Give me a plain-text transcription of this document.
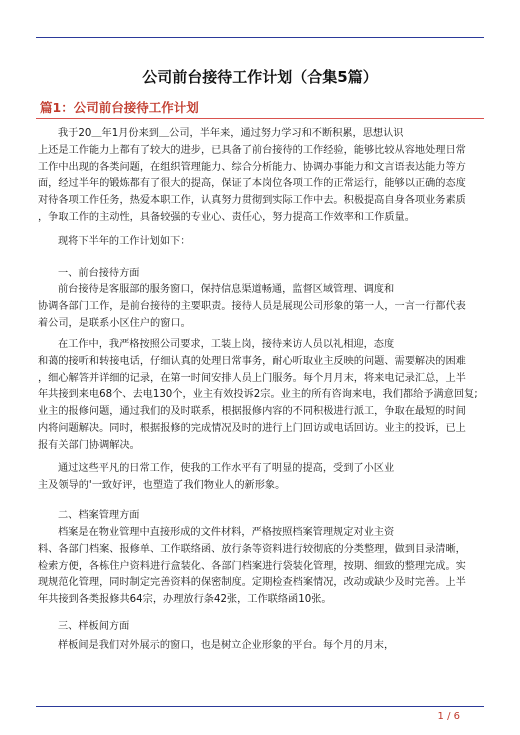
公司前台接待工作计划（合集5篇）
篇1：公司前台接待工作计划
我于20＿年1月份来到＿公司，半年来，通过努力学习和不断积累，思想认识
上还是工作能力上都有了较大的进步，已具备了前台接待的工作经验，能够比较从容地处理日常
工作中出现的各类问题，在组织管理能力、综合分析能力、协调办事能力和文言语表达能力等方
面，经过半年的锻炼都有了很大的提高，保证了本岗位各项工作的正常运行，能够以正确的态度
对待各项工作任务，热爱本职工作，认真努力贯彻到实际工作中去。积极提高自身各项业务素质
，争取工作的主动性，具备较强的专业心、责任心，努力提高工作效率和工作质量。
现将下半年的工作计划如下：
一、前台接待方面
前台接待是客服部的服务窗口，保持信息渠道畅通，监督区域管理、调度和
协调各部门工作，是前台接待的主要职责。接待人员是展现公司形象的第一人，一言一行都代表
着公司，是联系小区住户的窗口。
在工作中，我严格按照公司要求，工装上岗，接待来访人员以礼相迎，态度
和蔼的接听和转接电话，仔细认真的处理日常事务，耐心听取业主反映的问题、需要解决的困难
，细心解答并详细的记录，在第一时间安排人员上门服务。每个月月末，将来电记录汇总，上半
年共接到来电68个、去电130个，业主有效投诉2宗。业主的所有咨询来电，我们都给予满意回复;
业主的报修问题，通过我们的及时联系，根据报修内容的不同积极进行派工，争取在最短的时间
内将问题解决。同时，根据报修的完成情况及时的进行上门回访或电话回访。业主的投诉，已上
报有关部门协调解决。
通过这些平凡的日常工作，使我的工作水平有了明显的提高，受到了小区业
主及领导的'一致好评，也塑造了我们物业人的新形象。
二、档案管理方面
档案是在物业管理中直接形成的文件材料，严格按照档案管理规定对业主资
料、各部门档案、报修单、工作联络函、放行条等资料进行较彻底的分类整理，做到目录清晰，
检索方便，各栋住户资料进行盒装化、各部门档案进行袋装化管理，按期、细致的整理完成。实
现规范化管理，同时制定完善资料的保密制度。定期检查档案情况，改动或缺少及时完善。上半
年共接到各类报修共64宗，办理放行条42张，工作联络函10张。
三、样板间方面
样板间是我们对外展示的窗口，也是树立企业形象的平台。每个月的月末，
1 / 6
